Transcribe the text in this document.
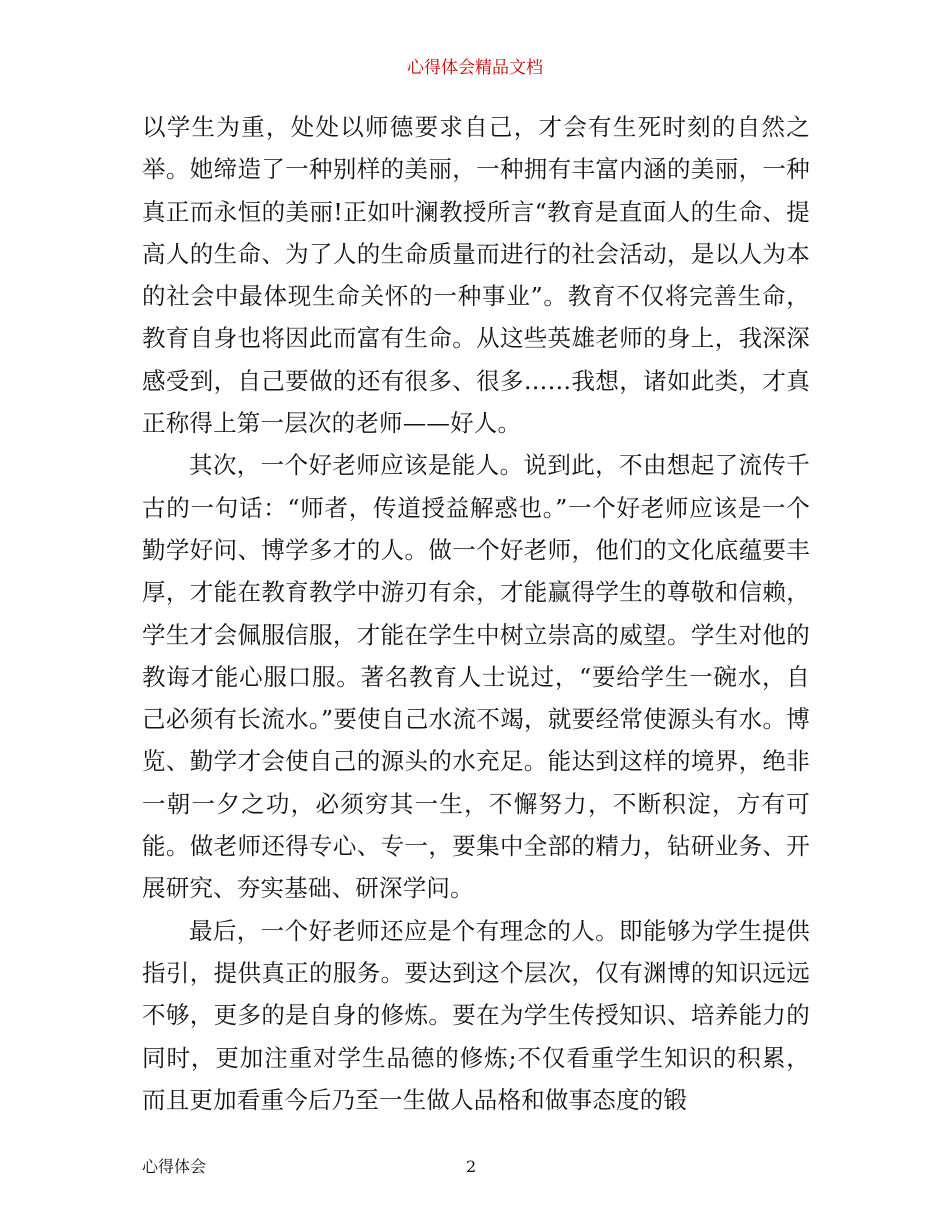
心得体会精品文档

以学生为重，处处以师德要求自己，才会有生死时刻的自然之举。她缔造了一种别样的美丽，一种拥有丰富内涵的美丽，一种真正而永恒的美丽!正如叶澜教授所言“教育是直面人的生命、提高人的生命、为了人的生命质量而进行的社会活动，是以人为本的社会中最体现生命关怀的一种事业”。教育不仅将完善生命，教育自身也将因此而富有生命。从这些英雄老师的身上，我深深感受到，自己要做的还有很多、很多……我想，诸如此类，才真正称得上第一层次的老师——好人。

其次，一个好老师应该是能人。说到此，不由想起了流传千古的一句话：“师者，传道授益解惑也。”一个好老师应该是一个勤学好问、博学多才的人。做一个好老师，他们的文化底蕴要丰厚，才能在教育教学中游刃有余，才能赢得学生的尊敬和信赖，学生才会佩服信服，才能在学生中树立崇高的威望。学生对他的教诲才能心服口服。著名教育人士说过，“要给学生一碗水，自己必须有长流水。”要使自己水流不竭，就要经常使源头有水。博览、勤学才会使自己的源头的水充足。能达到这样的境界，绝非一朝一夕之功，必须穷其一生，不懈努力，不断积淀，方有可能。做老师还得专心、专一，要集中全部的精力，钻研业务、开展研究、夯实基础、研深学问。

最后，一个好老师还应是个有理念的人。即能够为学生提供指引，提供真正的服务。要达到这个层次，仅有渊博的知识远远不够，更多的是自身的修炼。要在为学生传授知识、培养能力的同时，更加注重对学生品德的修炼;不仅看重学生知识的积累，而且更加看重今后乃至一生做人品格和做事态度的锻

心得体会	2
